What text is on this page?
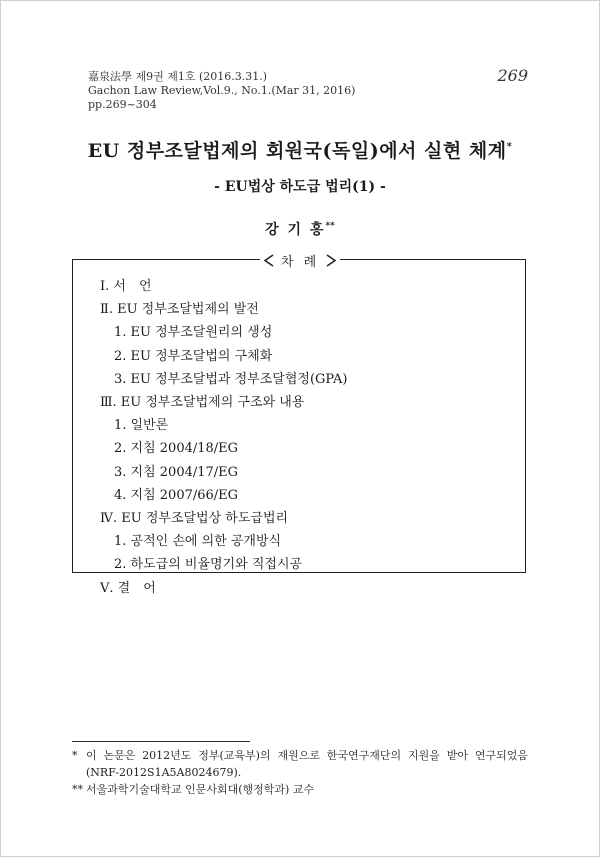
嘉泉法學 제9권 제1호 (2016.3.31.)
Gachon Law Review,Vol.9., No.1.(Mar 31, 2016)
pp.269~304
269
EU 정부조달법제의 회원국(독일)에서 실현 체계*
- EU법상 하도급 법리(1) -
강 기 홍**
차 례
Ⅰ. 서　언
Ⅱ. EU 정부조달법제의 발전
1. EU 정부조달원리의 생성
2. EU 정부조달법의 구체화
3. EU 정부조달법과 정부조달협정(GPA)
Ⅲ. EU 정부조달법제의 구조와 내용
1. 일반론
2. 지침 2004/18/EG
3. 지침 2004/17/EG
4. 지침 2007/66/EG
Ⅳ. EU 정부조달법상 하도급법리
1. 공적인 손에 의한 공개방식
2. 하도급의 비율명기와 직접시공
Ⅴ. 결　어
* 이 논문은 2012년도 정부(교육부)의 재원으로 한국연구재단의 지원을 받아 연구되었음
(NRF-2012S1A5A8024679).
** 서울과학기술대학교 인문사회대(행정학과) 교수
